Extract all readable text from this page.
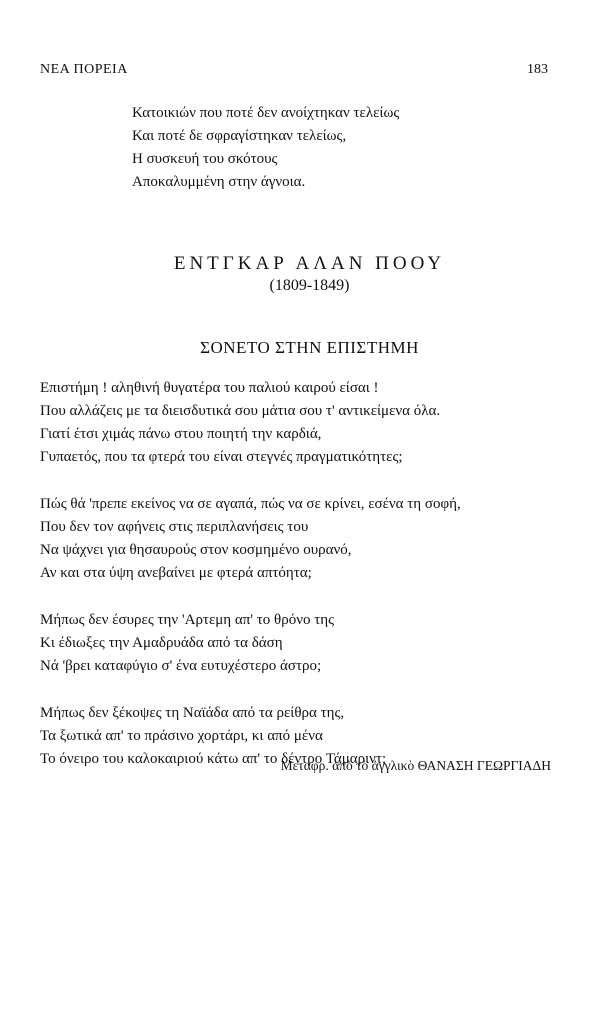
ΝΕΑ ΠΟΡΕΙΑ	183
Κατοικιών που ποτέ δεν ανοίχτηκαν τελείως
Και ποτέ δε σφραγίστηκαν τελείως,
Η συσκευή του σκότους
Αποκαλυμμένη στην άγνοια.
ΕΝΤΓΚΑΡ ΑΛΑΝ ΠΟΟΥ
(1809-1849)
ΣΟΝΕΤΟ ΣΤΗΝ ΕΠΙΣΤΗΜΗ
Επιστήμη ! αληθινή θυγατέρα του παλιού καιρού είσαι !
Που αλλάζεις με τα διεισδυτικά σου μάτια σου τ' αντικείμενα όλα.
Γιατί έτσι χιμάς πάνω στου ποιητή την καρδιά,
Γυπαετός, που τα φτερά του είναι στεγνές πραγματικότητες;
Πώς θά 'πρεπε εκείνος να σε αγαπά, πώς να σε κρίνει, εσένα τη σοφή,
Που δεν τον αφήνεις στις περιπλανήσεις του
Να ψάχνει για θησαυρούς στον κοσμημένο ουρανό,
Αν και στα ύψη ανεβαίνει με φτερά απτόητα;
Μήπως δεν έσυρες την 'Αρτεμη απ' το θρόνο της
Κι έδιωξες την Αμαδρυάδα από τα δάση
Νά 'βρει καταφύγιο σ' ένα ευτυχέστερο άστρο;
Μήπως δεν ξέκοψες τη Ναϊάδα από τα ρείθρα της,
Τα ξωτικά απ' το πράσινο χορτάρι, κι από μένα
Το όνειρο του καλοκαιριού κάτω απ' το δέντρο Τάμαριντ;
Μεταφρ. ἀπὸ τὸ ἀγγλικὸ ΘΑΝΑΣΗ ΓΕΩΡΓΙΑΔΗ
